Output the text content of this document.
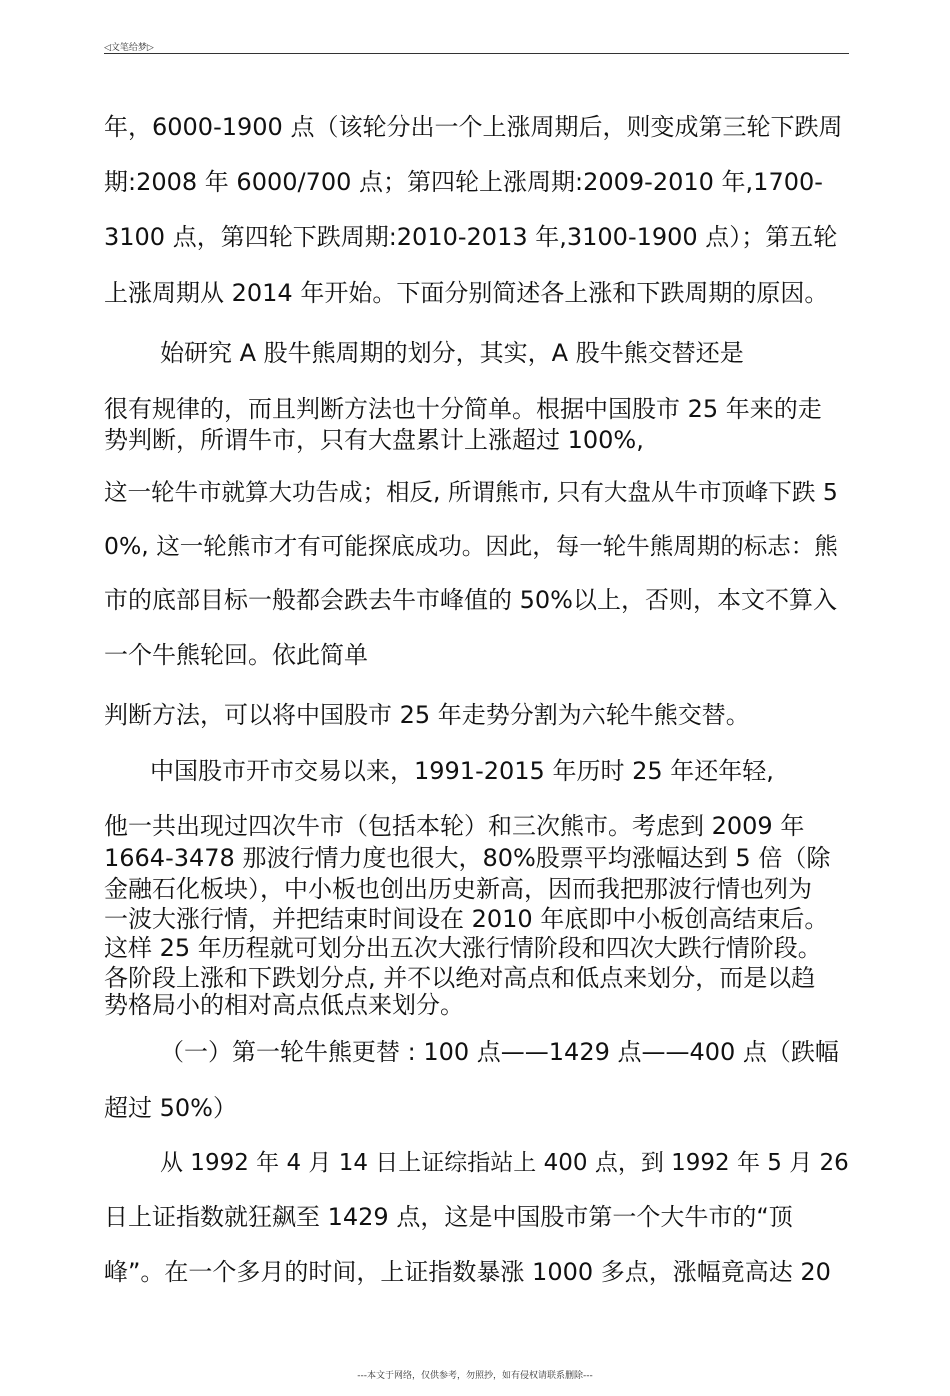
◁文笔给梦▷
年，6000-1900 点（该轮分出一个上涨周期后，则变成第三轮下跌周
期:2008 年 6000/700 点；第四轮上涨周期:2009-2010 年,1700-
3100 点，第四轮下跌周期:2010-2013 年,3100-1900 点）；第五轮
上涨周期从 2014 年开始。下面分别简述各上涨和下跌周期的原因。
始研究 A 股牛熊周期的划分，其实，A 股牛熊交替还是
很有规律的，而且判断方法也十分简单。根据中国股市 25 年来的走
势判断，所谓牛市，只有大盘累计上涨超过 100%,
这一轮牛市就算大功告成；相反, 所谓熊市, 只有大盘从牛市顶峰下跌 5
0%, 这一轮熊市才有可能探底成功。因此，每一轮牛熊周期的标志：熊
市的底部目标一般都会跌去牛市峰值的 50%以上，否则，本文不算入
一个牛熊轮回。依此简单
判断方法，可以将中国股市 25 年走势分割为六轮牛熊交替。
中国股市开市交易以来，1991-2015 年历时 25 年还年轻,
他一共出现过四次牛市（包括本轮）和三次熊市。考虑到 2009 年
1664-3478 那波行情力度也很大，80%股票平均涨幅达到 5 倍（除
金融石化板块），中小板也创出历史新高，因而我把那波行情也列为
一波大涨行情，并把结束时间设在 2010 年底即中小板创高结束后。
这样 25 年历程就可划分出五次大涨行情阶段和四次大跌行情阶段。
各阶段上涨和下跌划分点, 并不以绝对高点和低点来划分，而是以趋
势格局小的相对高点低点来划分。
（一）第一轮牛熊更替 : 100 点——1429 点——400 点（跌幅
超过 50%）
从 1992 年 4 月 14 日上证综指站上 400 点，到 1992 年 5 月 26
日上证指数就狂飙至 1429 点，这是中国股市第一个大牛市的“顶
峰”。在一个多月的时间，上证指数暴涨 1000 多点，涨幅竟高达 20
---本文于网络，仅供参考，勿照抄，如有侵权请联系删除---
